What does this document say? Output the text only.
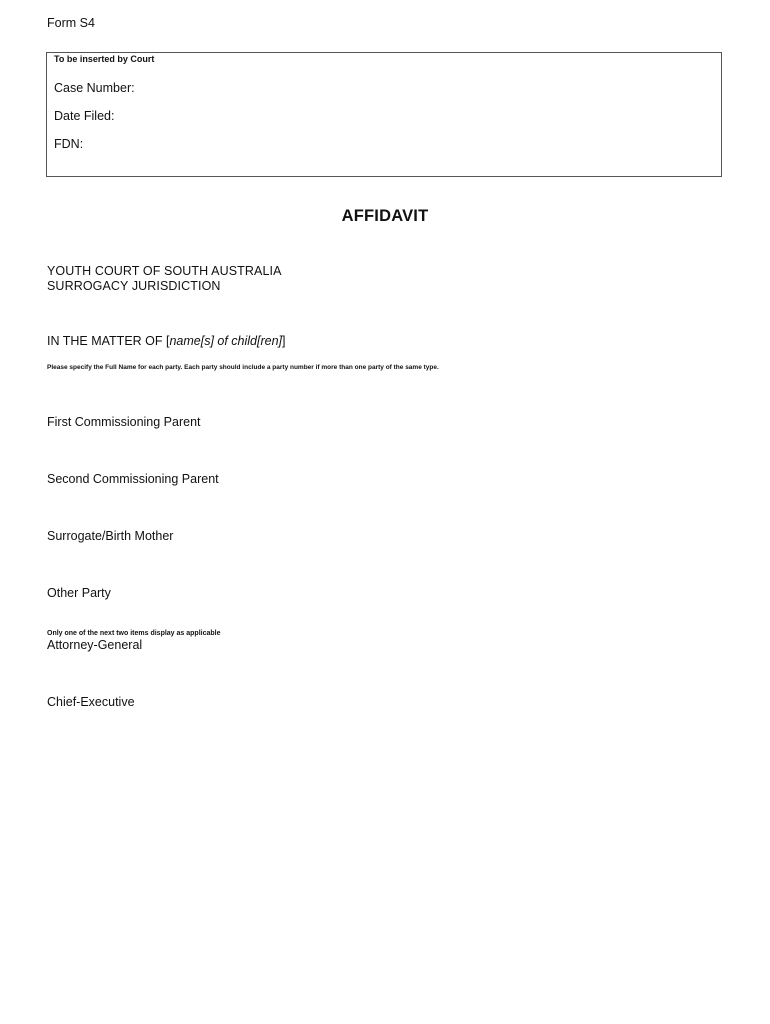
Form S4
To be inserted by Court
Case Number:
Date Filed:
FDN:
AFFIDAVIT
YOUTH COURT OF SOUTH AUSTRALIA
SURROGACY JURISDICTION
IN THE MATTER OF [name[s] of child[ren]]
Please specify the Full Name for each party. Each party should include a party number if more than one party of the same type.
First Commissioning Parent
Second Commissioning Parent
Surrogate/Birth Mother
Other Party
Only one of the next two items display as applicable
Attorney-General
Chief-Executive
